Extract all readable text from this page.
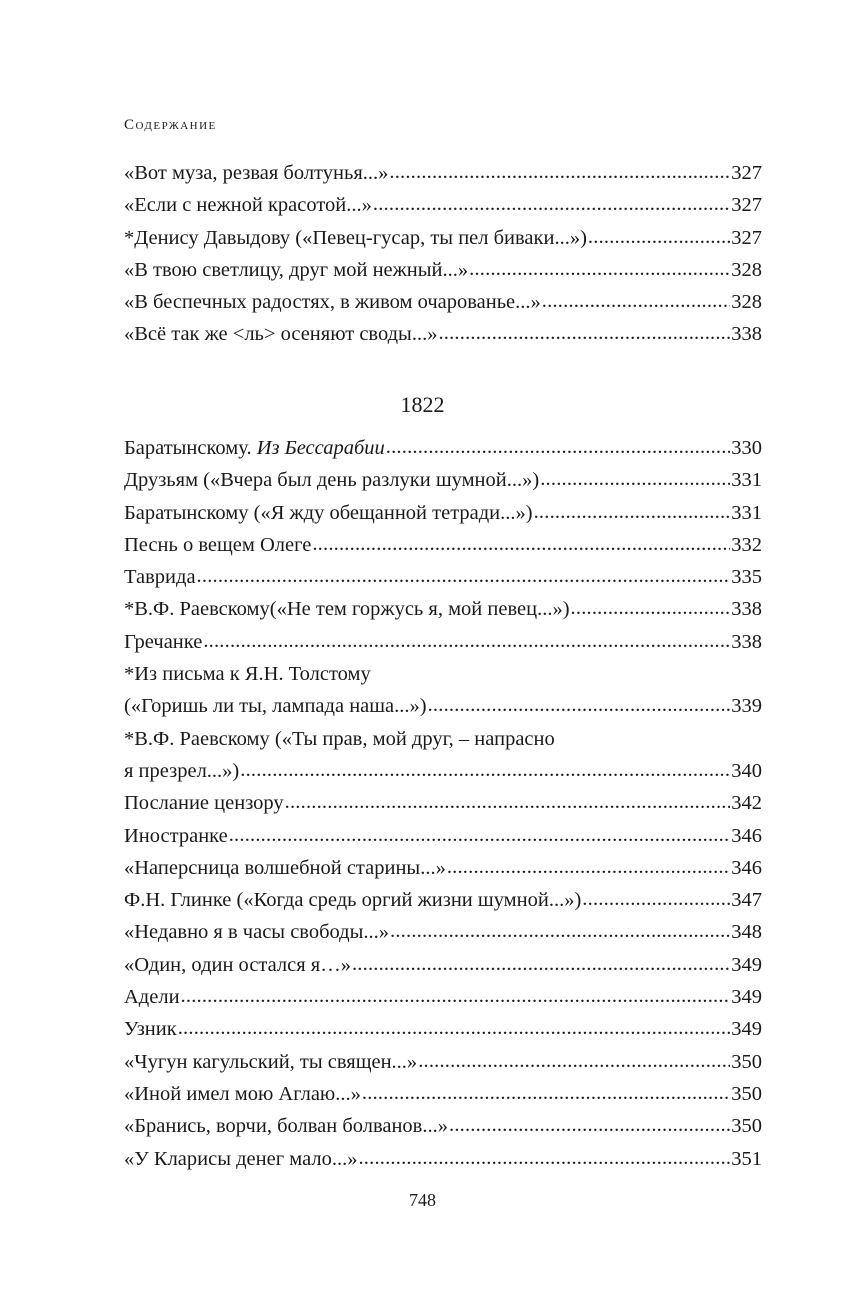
Содержание
«Вот муза, резвая болтунья...» .....	327
«Если с нежной красотой...» .....	327
*Денису Давыдову («Певец-гусар, ты пел биваки...») .....	327
«В твою светлицу, друг мой нежный...» .....	328
«В беспечных радостях, в живом очарованье...» .....	328
«Всё так же <ль> осеняют своды...» .....	338
1822
Баратынскому. Из Бессарабии .....	330
Друзьям («Вчера был день разлуки шумной...») .....	331
Баратынскому («Я жду обещанной тетради...») .....	331
Песнь о вещем Олеге .....	332
Таврида .....	335
*В.Ф. Раевскому(«Не тем горжусь я, мой певец...») .....	338
Гречанке .....	338
*Из письма к Я.Н. Толстому
(«Горишь ли ты, лампада наша...») .....	339
*В.Ф. Раевскому («Ты прав, мой друг, – напрасно
я презрел...») .....	340
Послание цензору .....	342
Иностранке .....	346
«Наперсница волшебной старины...» .....	346
Ф.Н. Глинке («Когда средь оргий жизни шумной...») .....	347
«Недавно я в часы свободы...» .....	348
«Один, один остался я…» .....	349
Адели .....	349
Узник .....	349
«Чугун кагульский, ты священ...» .....	350
«Иной имел мою Аглаю...» .....	350
«Бранись, ворчи, болван болванов...» .....	350
«У Кларисы денег мало...» .....	351
748
